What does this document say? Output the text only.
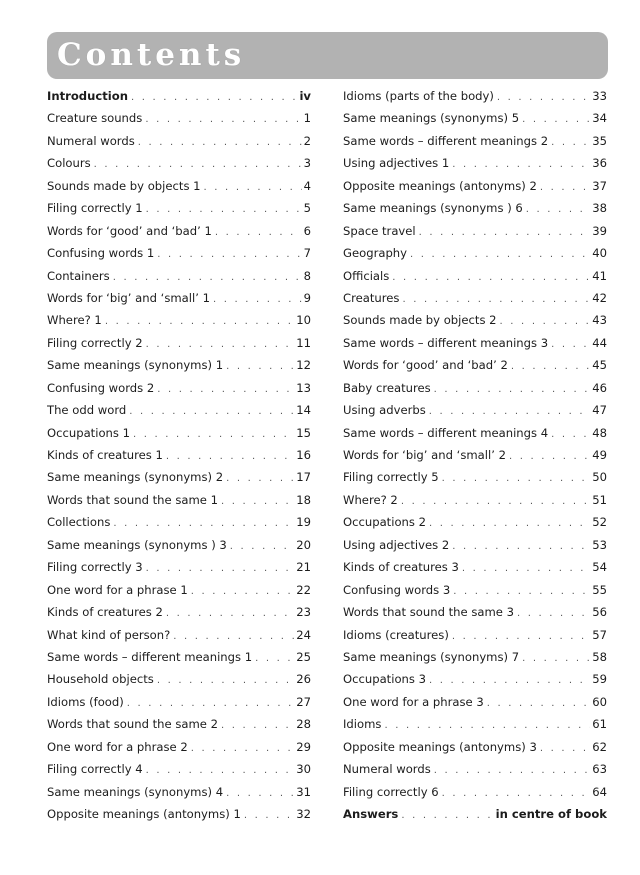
Contents
Introduction . . .	iv
Creature sounds . . .	1
Numeral words . . .	2
Colours . . .	3
Sounds made by objects 1 . . .	4
Filing correctly 1 . . .	5
Words for ‘good’ and ‘bad’ 1 . . .	6
Confusing words 1 . . .	7
Containers . . .	8
Words for ‘big’ and ‘small’ 1 . . .	9
Where? 1 . . .	10
Filing correctly 2 . . .	11
Same meanings (synonyms) 1 . . .	12
Confusing words 2 . . .	13
The odd word . . .	14
Occupations 1 . . .	15
Kinds of creatures 1 . . .	16
Same meanings (synonyms) 2 . . .	17
Words that sound the same 1 . . .	18
Collections . . .	19
Same meanings (synonyms ) 3 . . .	20
Filing correctly 3 . . .	21
One word for a phrase 1 . . .	22
Kinds of creatures 2 . . .	23
What kind of person? . . .	24
Same words – different meanings 1 . . .	25
Household objects . . .	26
Idioms (food) . . .	27
Words that sound the same 2 . . .	28
One word for a phrase 2 . . .	29
Filing correctly 4 . . .	30
Same meanings (synonyms) 4 . . .	31
Opposite meanings (antonyms) 1 . . .	32
Idioms (parts of the body) . . .	33
Same meanings (synonyms) 5 . . .	34
Same words – different meanings 2 . . .	35
Using adjectives 1 . . .	36
Opposite meanings (antonyms) 2 . . .	37
Same meanings (synonyms ) 6 . . .	38
Space travel . . .	39
Geography . . .	40
Officials . . .	41
Creatures . . .	42
Sounds made by objects 2 . . .	43
Same words – different meanings 3 . . .	44
Words for ‘good’ and ‘bad’ 2 . . .	45
Baby creatures . . .	46
Using adverbs . . .	47
Same words – different meanings 4 . . .	48
Words for ‘big’ and ‘small’ 2 . . .	49
Filing correctly 5 . . .	50
Where? 2 . . .	51
Occupations 2 . . .	52
Using adjectives 2 . . .	53
Kinds of creatures 3 . . .	54
Confusing words 3 . . .	55
Words that sound the same 3 . . .	56
Idioms (creatures) . . .	57
Same meanings (synonyms) 7 . . .	58
Occupations 3 . . .	59
One word for a phrase 3 . . .	60
Idioms . . .	61
Opposite meanings (antonyms) 3 . . .	62
Numeral words . . .	63
Filing correctly 6 . . .	64
Answers . . .	in centre of book
